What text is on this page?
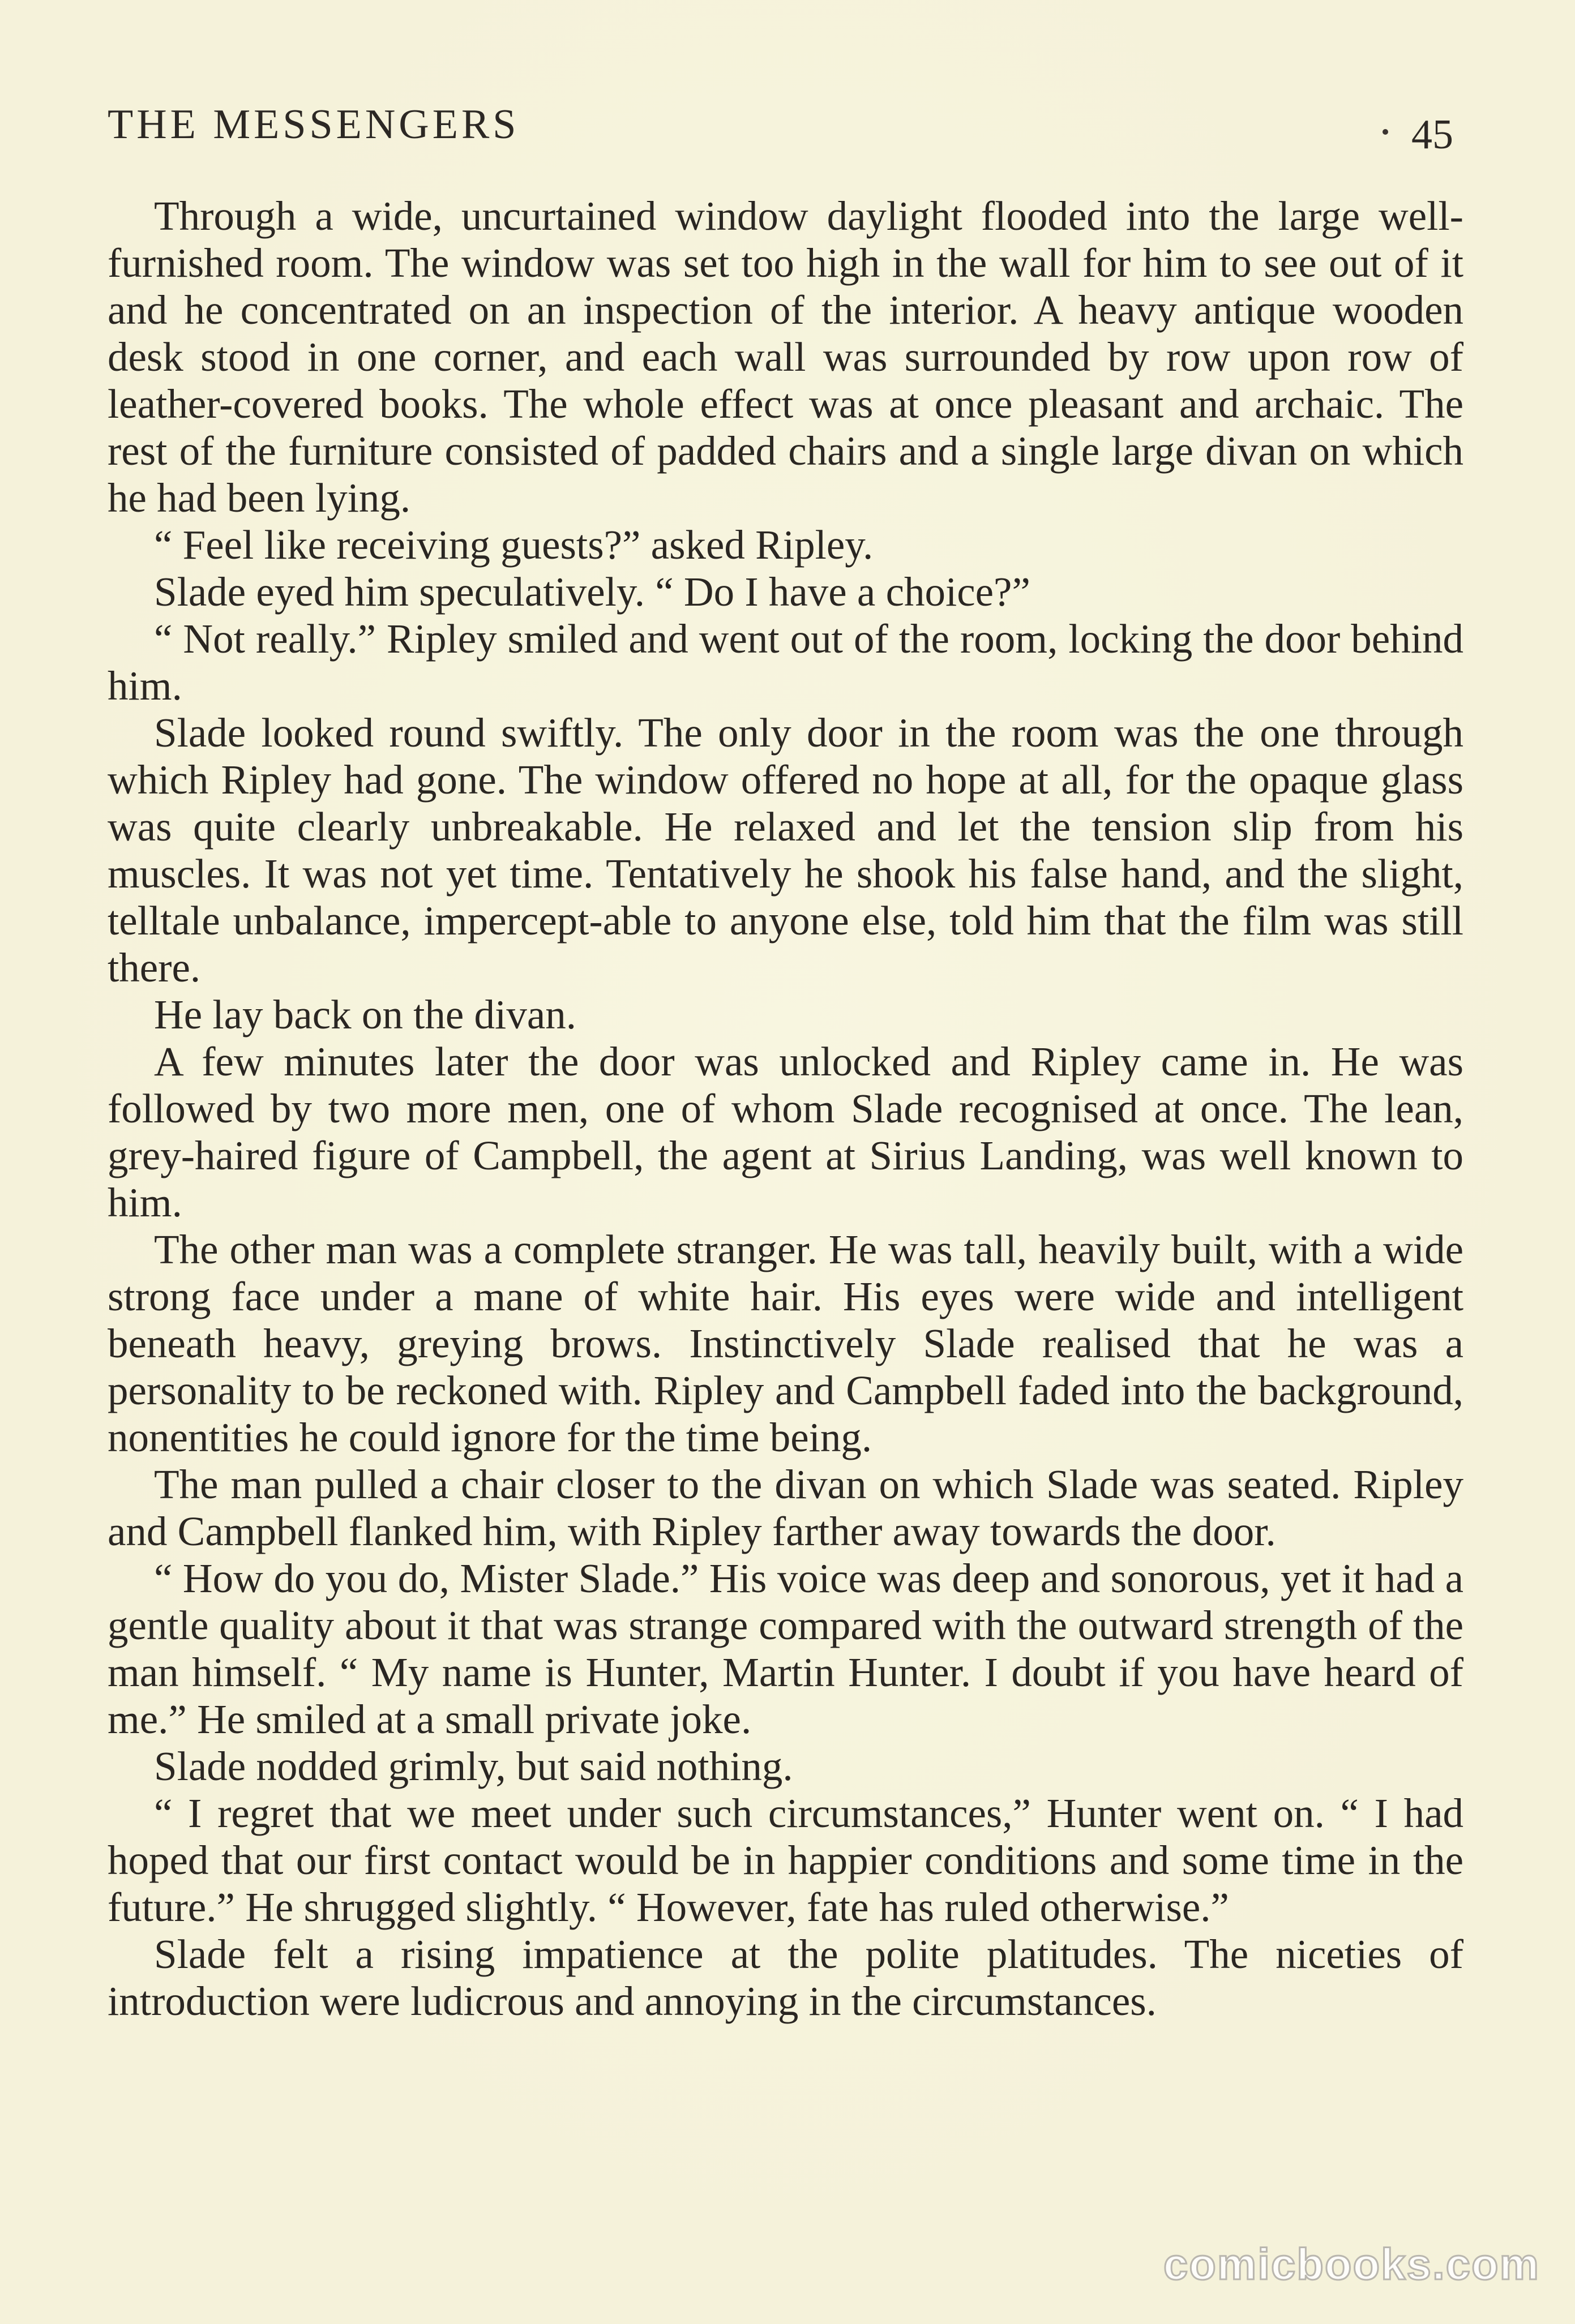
THE MESSENGERS	45

Through a wide, uncurtained window daylight flooded into the large well-furnished room. The window was set too high in the wall for him to see out of it and he concentrated on an inspection of the interior. A heavy antique wooden desk stood in one corner, and each wall was surrounded by row upon row of leather-covered books. The whole effect was at once pleasant and archaic. The rest of the furniture consisted of padded chairs and a single large divan on which he had been lying.

“ Feel like receiving guests?” asked Ripley.

Slade eyed him speculatively. “ Do I have a choice?”

“ Not really.” Ripley smiled and went out of the room, locking the door behind him.

Slade looked round swiftly. The only door in the room was the one through which Ripley had gone. The window offered no hope at all, for the opaque glass was quite clearly unbreakable. He relaxed and let the tension slip from his muscles. It was not yet time. Tentatively he shook his false hand, and the slight, telltale unbalance, impercept-able to anyone else, told him that the film was still there.

He lay back on the divan.

A few minutes later the door was unlocked and Ripley came in. He was followed by two more men, one of whom Slade recognised at once. The lean, grey-haired figure of Campbell, the agent at Sirius Landing, was well known to him.

The other man was a complete stranger. He was tall, heavily built, with a wide strong face under a mane of white hair. His eyes were wide and intelligent beneath heavy, greying brows. Instinctively Slade realised that he was a personality to be reckoned with. Ripley and Campbell faded into the background, nonentities he could ignore for the time being.

The man pulled a chair closer to the divan on which Slade was seated. Ripley and Campbell flanked him, with Ripley farther away towards the door.

“ How do you do, Mister Slade.” His voice was deep and sonorous, yet it had a gentle quality about it that was strange compared with the outward strength of the man himself. “ My name is Hunter, Martin Hunter. I doubt if you have heard of me.” He smiled at a small private joke.

Slade nodded grimly, but said nothing.

“ I regret that we meet under such circumstances,” Hunter went on. “ I had hoped that our first contact would be in happier conditions and some time in the future.” He shrugged slightly. “ However, fate has ruled otherwise.”

Slade felt a rising impatience at the polite platitudes. The niceties of introduction were ludicrous and annoying in the circumstances.

comicbooks.com
